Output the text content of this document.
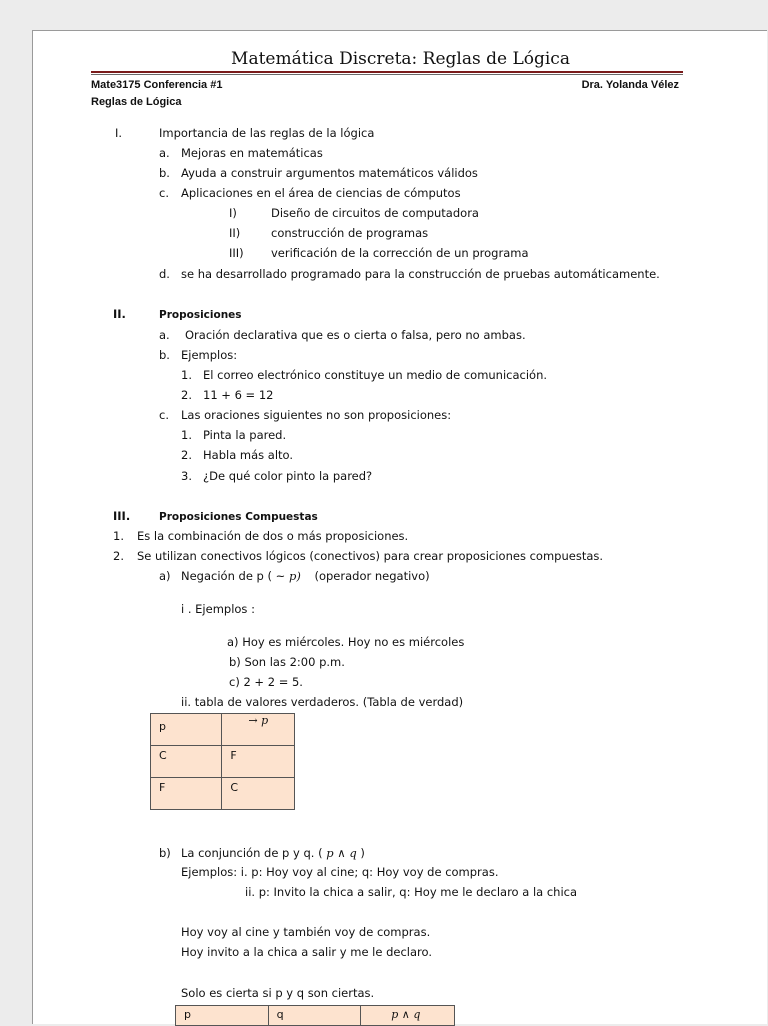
Matemática Discreta: Reglas de Lógica
Mate3175 Conferencia #1	Dra. Yolanda Vélez
Reglas de Lógica
I.	Importancia de las reglas de la lógica
a. Mejoras en matemáticas
b. Ayuda a construir argumentos matemáticos válidos
c. Aplicaciones en el área de ciencias de cómputos
I)	Diseño de circuitos de computadora
II)	construcción de programas
III) verificación de la corrección de un programa
d. se ha desarrollado programado para la construcción de pruebas automáticamente.
II.	Proposiciones
a. Oración declarativa que es o cierta o falsa, pero no ambas.
b. Ejemplos:
1. El correo electrónico constituye un medio de comunicación.
2. 11 + 6 = 12
c. Las oraciones siguientes no son proposiciones:
1. Pinta la pared.
2. Habla más alto.
3. ¿De qué color pinto la pared?
III.	Proposiciones Compuestas
1. Es la combinación de dos o más proposiciones.
2. Se utilizan conectivos lógicos (conectivos) para crear proposiciones compuestas.
a) Negación de p ( ~ p) (operador negativo)
i . Ejemplos :
a) Hoy es miércoles. Hoy no es miércoles
b) Son las 2:00 p.m.
c) 2 + 2 = 5.
ii. tabla de valores verdaderos. (Tabla de verdad)
p	→ p
C	F
F	C
b) La conjunción de p y q. ( p ∧ q )
Ejemplos: i. p: Hoy voy al cine; q: Hoy voy de compras.
ii. p: Invito la chica a salir, q: Hoy me le declaro a la chica
Hoy voy al cine y también voy de compras.
Hoy invito a la chica a salir y me le declaro.
Solo es cierta si p y q son ciertas.
p	q	p ∧ q
